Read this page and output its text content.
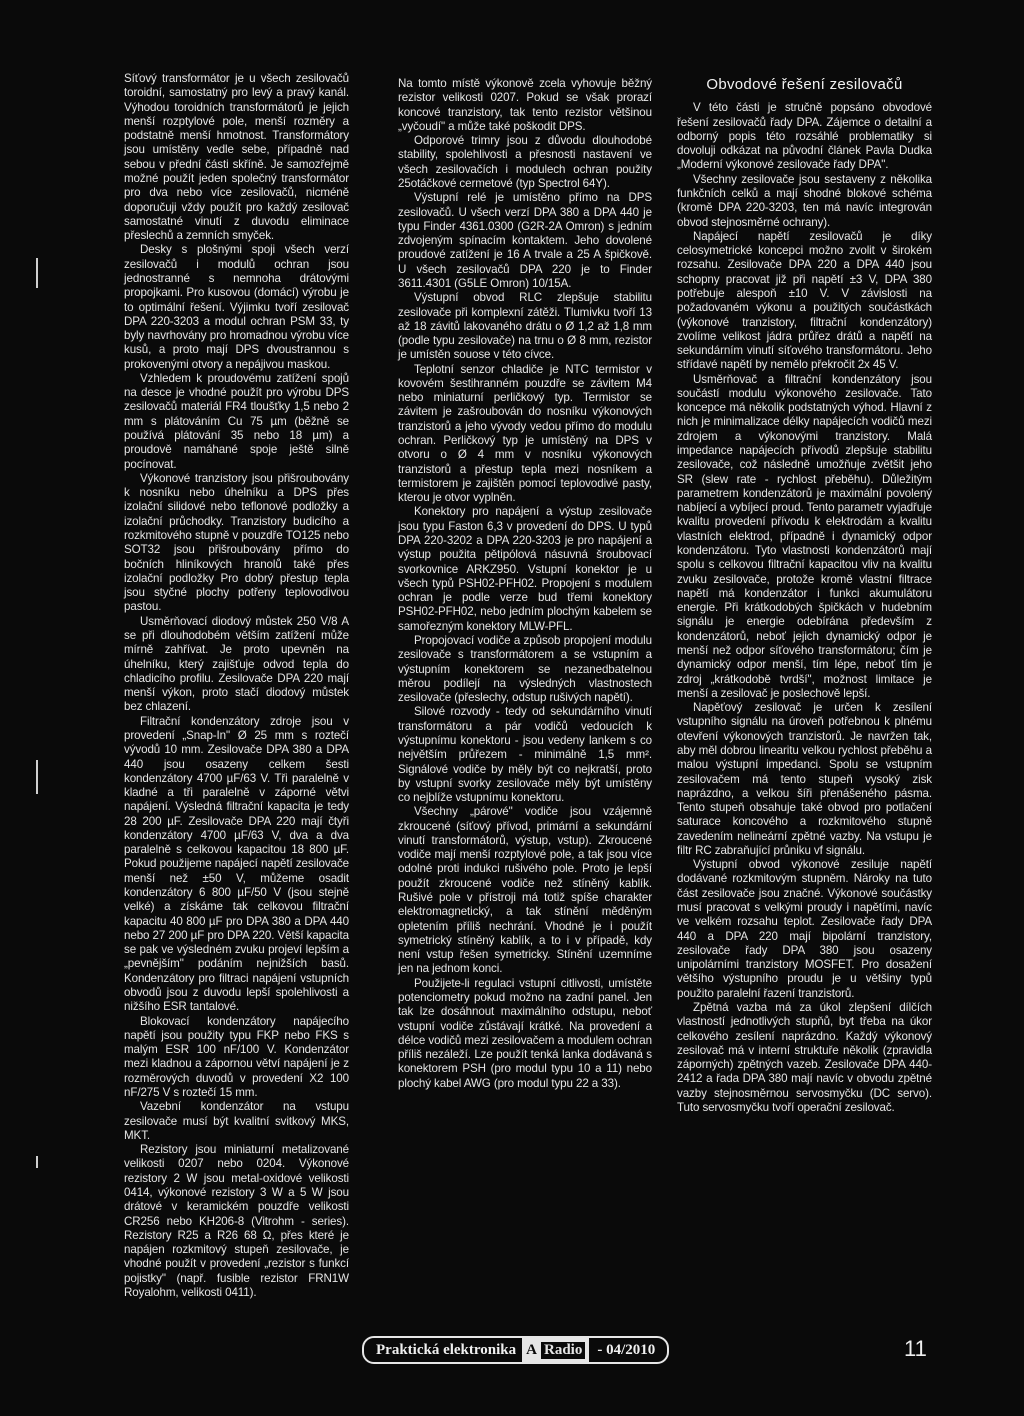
Síťový transformátor je u všech zesilovačů toroidní, samostatný pro levý a pravý kanál. Výhodou toroidních transformátorů je jejich menší rozptylové pole, menší rozměry a podstatně menší hmotnost. Transformátory jsou umístěny vedle sebe, případně nad sebou v přední části skříně. Je samozřejmě možné použít jeden společný transformátor pro dva nebo více zesilovačů, nicméně doporučuji vždy použít pro každý zesilovač samostatné vinutí z duvodu eliminace přeslechů a zemních smyček.

Desky s plošnými spoji všech verzí zesilovačů i modulů ochran jsou jednostranné s nemnoha drátovými propojkami. Pro kusovou (domácí) výrobu je to optimální řešení. Výjimku tvoří zesilovač DPA 220-3203 a modul ochran PSM 33, ty byly navrhovány pro hromadnou výrobu více kusů, a proto mají DPS dvoustrannou s prokovenými otvory a nepájivou maskou.

Vzhledem k proudovému zatížení spojů na desce je vhodné použít pro výrobu DPS zesilovačů materiál FR4 tloušťky 1,5 nebo 2 mm s plátováním Cu 75 µm (běžně se používá plátování 35 nebo 18 µm) a proudově namáhané spoje ještě silně pocínovat.

Výkonové tranzistory jsou přišroubovány k nosníku nebo úhelníku a DPS přes izolační silidové nebo teflonové podložky a izolační průchodky. Tranzistory budicího a rozkmitového stupně v pouzdře TO125 nebo SOT32 jsou přišroubovány přímo do bočních hliníkových hranolů také přes izolační podložky Pro dobrý přestup tepla jsou styčné plochy potřeny teplovodivou pastou.

Usměrňovací diodový můstek 250 V/8 A se při dlouhodobém větším zatížení může mírně zahřívat. Je proto upevněn na úhelníku, který zajišťuje odvod tepla do chladicího profilu. Zesilovače DPA 220 mají menší výkon, proto stačí diodový můstek bez chlazení.

Filtrační kondenzátory zdroje jsou v provedení „Snap-In" Ø 25 mm s roztečí vývodů 10 mm. Zesilovače DPA 380 a DPA 440 jsou osazeny celkem šesti kondenzátory 4700 µF/63 V. Tři paralelně v kladné a tři paralelně v záporné větvi napájení. Výsledná filtrační kapacita je tedy 28 200 µF. Zesilovače DPA 220 mají čtyři kondenzátory 4700 µF/63 V, dva a dva paralelně s celkovou kapacitou 18 800 µF. Pokud použijeme napájecí napětí zesilovače menší než ±50 V, můžeme osadit kondenzátory 6 800 µF/50 V (jsou stejně velké) a získáme tak celkovou filtrační kapacitu 40 800 µF pro DPA 380 a DPA 440 nebo 27 200 µF pro DPA 220. Větší kapacita se pak ve výsledném zvuku projeví lepším a „pevnějším" podáním nejnižších basů. Kondenzátory pro filtraci napájení vstupních obvodů jsou z duvodu lepší spolehlivosti a nižšího ESR tantalové.

Blokovací kondenzátory napájecího napětí jsou použity typu FKP nebo FKS s malým ESR 100 nF/100 V. Kondenzátor mezi kladnou a zápornou větví napájení je z rozměrových duvodů v provedení X2 100 nF/275 V s roztečí 15 mm.

Vazební kondenzátor na vstupu zesilovače musí být kvalitní svitkový MKS, MKT.

Rezistory jsou miniaturní metalizované velikosti 0207 nebo 0204. Výkonové rezistory 2 W jsou metal-oxidové velikosti 0414, výkonové rezistory 3 W a 5 W jsou drátové v keramickém pouzdře velikosti CR256 nebo KH206-8 (Vitrohm - series). Rezistory R25 a R26 68 Ω, přes které je napájen rozkmitový stupeň zesilovače, je vhodné použít v provedení „rezistor s funkcí pojistky" (např. fusible rezistor FRN1W Royalohm, velikosti 0411).

Na tomto místě výkonově zcela vyhovuje běžný rezistor velikosti 0207. Pokud se však prorazí koncové tranzistory, tak tento rezistor většinou „vyčoudí" a může také poškodit DPS.

Odporové trimry jsou z důvodu dlouhodobé stability, spolehlivosti a přesnosti nastavení ve všech zesilovačích i modulech ochran použity 25otáčkové cermetové (typ Spectrol 64Y).

Výstupní relé je umístěno přímo na DPS zesilovačů. U všech verzí DPA 380 a DPA 440 je typu Finder 4361.0300 (G2R-2A Omron) s jedním zdvojeným spínacím kontaktem. Jeho dovolené proudové zatížení je 16 A trvale a 25 A špičkově. U všech zesilovačů DPA 220 je to Finder 3611.4301 (G5LE Omron) 10/15A.

Výstupní obvod RLC zlepšuje stabilitu zesilovače při komplexní zátěži. Tlumivku tvoří 13 až 18 závitů lakovaného drátu o Ø 1,2 až 1,8 mm (podle typu zesilovače) na trnu o Ø 8 mm, rezistor je umístěn souose v této cívce.

Teplotní senzor chladiče je NTC termistor v kovovém šestihranném pouzdře se závitem M4 nebo miniaturní perličkový typ. Termistor se závitem je zašroubován do nosníku výkonových tranzistorů a jeho vývody vedou přímo do modulu ochran. Perličkový typ je umístěný na DPS v otvoru o Ø 4 mm v nosníku výkonových tranzistorů a přestup tepla mezi nosníkem a termistorem je zajištěn pomocí teplovodivé pasty, kterou je otvor vyplněn.

Konektory pro napájení a výstup zesilovače jsou typu Faston 6,3 v provedení do DPS. U typů DPA 220-3202 a DPA 220-3203 je pro napájení a výstup použita pětipólová násuvná šroubovací svorkovnice ARKZ950. Vstupní konektor je u všech typů PSH02-PFH02. Propojení s modulem ochran je podle verze bud třemi konektory PSH02-PFH02, nebo jedním plochým kabelem se samořezným konektory MLW-PFL.

Propojovací vodiče a způsob propojení modulu zesilovače s transformátorem a se vstupním a výstupním konektorem se nezanedbatelnou měrou podílejí na výsledných vlastnostech zesilovače (přeslechy, odstup rušivých napětí).

Silové rozvody - tedy od sekundárního vinutí transformátoru a pár vodičů vedoucích k výstupnímu konektoru - jsou vedeny lankem s co největším průřezem - minimálně 1,5 mm². Signálové vodiče by měly být co nejkratší, proto by vstupní svorky zesilovače měly být umístěny co nejblíže vstupnímu konektoru.

Všechny „párové" vodiče jsou vzájemně zkroucené (síťový přívod, primární a sekundární vinutí transformátorů, výstup, vstup). Zkroucené vodiče mají menší rozptylové pole, a tak jsou více odolné proti indukci rušivého pole. Proto je lepší použít zkroucené vodiče než stíněný kablík. Rušivé pole v přístroji má totiž spíše charakter elektromagnetický, a tak stínění měděným opletením příliš nechrání. Vhodné je i použít symetrický stíněný kablík, a to i v případě, kdy není vstup řešen symetricky. Stínění uzemníme jen na jednom konci.

Použijete-li regulaci vstupní citlivosti, umístěte potenciometry pokud možno na zadní panel. Jen tak lze dosáhnout maximálního odstupu, neboť vstupní vodiče zůstávají krátké. Na provedení a délce vodičů mezi zesilovačem a modulem ochran příliš nezáleží. Lze použít tenká lanka dodávaná s konektorem PSH (pro modul typu 10 a 11) nebo plochý kabel AWG (pro modul typu 22 a 33).

Obvodové řešení zesilovačů

V této části je stručně popsáno obvodové řešení zesilovačů řady DPA. Zájemce o detailní a odborný popis této rozsáhlé problematiky si dovoluji odkázat na původní článek Pavla Dudka „Moderní výkonové zesilovače řady DPA".

Všechny zesilovače jsou sestaveny z několika funkčních celků a mají shodné blokové schéma (kromě DPA 220-3203, ten má navíc integrován obvod stejnosměrné ochrany).

Napájecí napětí zesilovačů je díky celosymetrické koncepci možno zvolit v širokém rozsahu. Zesilovače DPA 220 a DPA 440 jsou schopny pracovat již při napětí ±3 V, DPA 380 potřebuje alespoň ±10 V. V závislosti na požadovaném výkonu a použitých součástkách (výkonové tranzistory, filtrační kondenzátory) zvolíme velikost jádra průřez drátů a napětí na sekundárním vinutí síťového transformátoru. Jeho střídavé napětí by nemělo překročit 2x 45 V.

Usměrňovač a filtrační kondenzátory jsou součástí modulu výkonového zesilovače. Tato koncepce má několik podstatných výhod. Hlavní z nich je minimalizace délky napájecích vodičů mezi zdrojem a výkonovými tranzistory. Malá impedance napájecích přívodů zlepšuje stabilitu zesilovače, což následně umožňuje zvětšit jeho SR (slew rate - rychlost přeběhu). Důležitým parametrem kondenzátorů je maximální povolený nabíjecí a vybíjecí proud. Tento parametr vyjadřuje kvalitu provedení přívodu k elektrodám a kvalitu vlastních elektrod, případně i dynamický odpor kondenzátoru. Tyto vlastnosti kondenzátorů mají spolu s celkovou filtrační kapacitou vliv na kvalitu zvuku zesilovače, protože kromě vlastní filtrace napětí má kondenzátor i funkci akumulátoru energie. Při krátkodobých špičkách v hudebním signálu je energie odebírána především z kondenzátorů, neboť jejich dynamický odpor je menší než odpor síťového transformátoru; čím je dynamický odpor menší, tím lépe, neboť tím je zdroj „krátkodobě tvrdší", možnost limitace je menší a zesilovač je poslechově lepší.

Napěťový zesilovač je určen k zesílení vstupního signálu na úroveň potřebnou k plnému otevření výkonových tranzistorů. Je navržen tak, aby měl dobrou linearitu velkou rychlost přeběhu a malou výstupní impedanci. Spolu se vstupním zesilovačem má tento stupeň vysoký zisk naprázdno, a velkou šíři přenášeného pásma. Tento stupeň obsahuje také obvod pro potlačení saturace koncového a rozkmitového stupně zavedením nelineární zpětné vazby. Na vstupu je filtr RC zabraňující průniku vf signálu.

Výstupní obvod výkonové zesiluje napětí dodávané rozkmitovým stupněm. Nároky na tuto část zesilovače jsou značné. Výkonové součástky musí pracovat s velkými proudy i napětími, navíc ve velkém rozsahu teplot. Zesilovače řady DPA 440 a DPA 220 mají bipolární tranzistory, zesilovače řady DPA 380 jsou osazeny unipolárními tranzistory MOSFET. Pro dosažení většího výstupního proudu je u většiny typů použito paralelní řazení tranzistorů.

Zpětná vazba má za úkol zlepšení dílčích vlastností jednotlivých stupňů, byt třeba na úkor celkového zesílení naprázdno. Každý výkonový zesilovač má v interní struktuře několik (zpravidla záporných) zpětných vazeb. Zesilovače DPA 440-2412 a řada DPA 380 mají navíc v obvodu zpětné vazby stejnosměrnou servosmyčku (DC servo). Tuto servosmyčku tvoří operační zesilovač.

Praktická elektronika A Radio	- 04/2010	11
